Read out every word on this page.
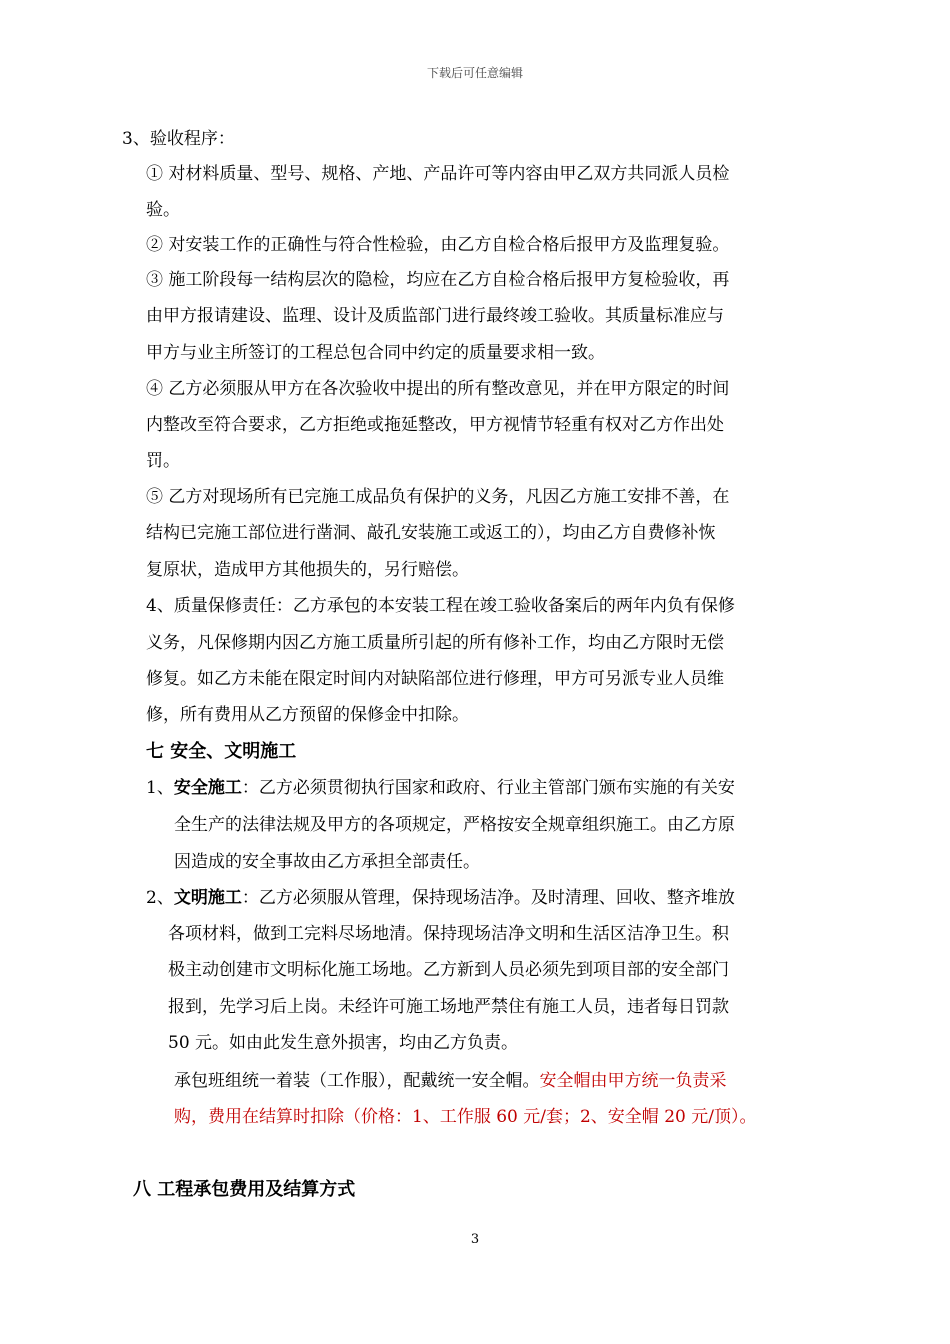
下载后可任意编辑
3、验收程序：
① 对材料质量、型号、规格、产地、产品许可等内容由甲乙双方共同派人员检
验。
② 对安装工作的正确性与符合性检验，由乙方自检合格后报甲方及监理复验。
③ 施工阶段每一结构层次的隐检，均应在乙方自检合格后报甲方复检验收，再
由甲方报请建设、监理、设计及质监部门进行最终竣工验收。其质量标准应与
甲方与业主所签订的工程总包合同中约定的质量要求相一致。
④ 乙方必须服从甲方在各次验收中提出的所有整改意见，并在甲方限定的时间
内整改至符合要求，乙方拒绝或拖延整改，甲方视情节轻重有权对乙方作出处
罚。
⑤ 乙方对现场所有已完施工成品负有保护的义务，凡因乙方施工安排不善，在
结构已完施工部位进行凿洞、敲孔安装施工或返工的），均由乙方自费修补恢
复原状，造成甲方其他损失的，另行赔偿。
4、质量保修责任：乙方承包的本安装工程在竣工验收备案后的两年内负有保修
义务，凡保修期内因乙方施工质量所引起的所有修补工作，均由乙方限时无偿
修复。如乙方未能在限定时间内对缺陷部位进行修理，甲方可另派专业人员维
修，所有费用从乙方预留的保修金中扣除。
七 安全、文明施工
1、安全施工：乙方必须贯彻执行国家和政府、行业主管部门颁布实施的有关安
全生产的法律法规及甲方的各项规定，严格按安全规章组织施工。由乙方原
因造成的安全事故由乙方承担全部责任。
2、文明施工：乙方必须服从管理，保持现场洁净。及时清理、回收、整齐堆放
各项材料，做到工完料尽场地清。保持现场洁净文明和生活区洁净卫生。积
极主动创建市文明标化施工场地。乙方新到人员必须先到项目部的安全部门
报到，先学习后上岗。未经许可施工场地严禁住有施工人员，违者每日罚款
50 元。如由此发生意外损害，均由乙方负责。
承包班组统一着装（工作服），配戴统一安全帽。安全帽由甲方统一负责采
购，费用在结算时扣除（价格：1、工作服 60 元/套；2、安全帽 20 元/顶）。
八 工程承包费用及结算方式
3
